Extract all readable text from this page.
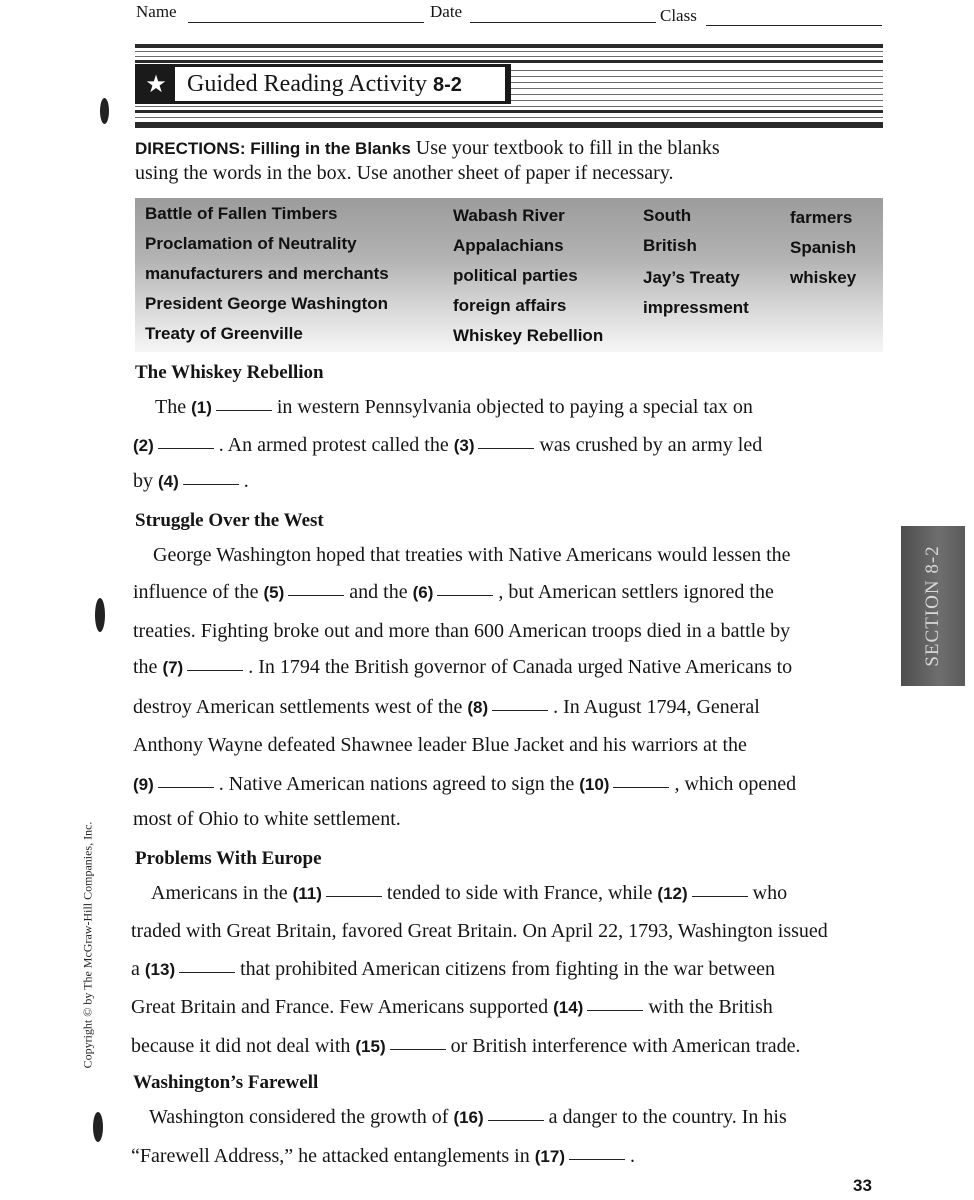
Name	Date	Class
★ Guided Reading Activity 8-2
DIRECTIONS: Filling in the Blanks Use your textbook to fill in the blanks
using the words in the box. Use another sheet of paper if necessary.
Battle of Fallen Timbers
Proclamation of Neutrality
manufacturers and merchants
President George Washington
Treaty of Greenville
Wabash River
Appalachians
political parties
foreign affairs
Whiskey Rebellion
South
British
Jay’s Treaty
impressment
farmers
Spanish
whiskey
The Whiskey Rebellion
The (1)	in western Pennsylvania objected to paying a special tax on
(2)	. An armed protest called the (3)	was crushed by an army led
by (4)	.
Struggle Over the West
George Washington hoped that treaties with Native Americans would lessen the
influence of the (5)	and the (6)	, but American settlers ignored the
treaties. Fighting broke out and more than 600 American troops died in a battle by
the (7)	. In 1794 the British governor of Canada urged Native Americans to
destroy American settlements west of the (8)	. In August 1794, General
Anthony Wayne defeated Shawnee leader Blue Jacket and his warriors at the
(9)	. Native American nations agreed to sign the (10)	, which opened
most of Ohio to white settlement.
Problems With Europe
Americans in the (11)	tended to side with France, while (12)	who
traded with Great Britain, favored Great Britain. On April 22, 1793, Washington issued
a (13)	that prohibited American citizens from fighting in the war between
Great Britain and France. Few Americans supported (14)	with the British
because it did not deal with (15)	or British interference with American trade.
Washington’s Farewell
Washington considered the growth of (16)	a danger to the country. In his
“Farewell Address,” he attacked entanglements in (17)	.
SECTION 8-2
Copyright © by The McGraw-Hill Companies, Inc.
33
